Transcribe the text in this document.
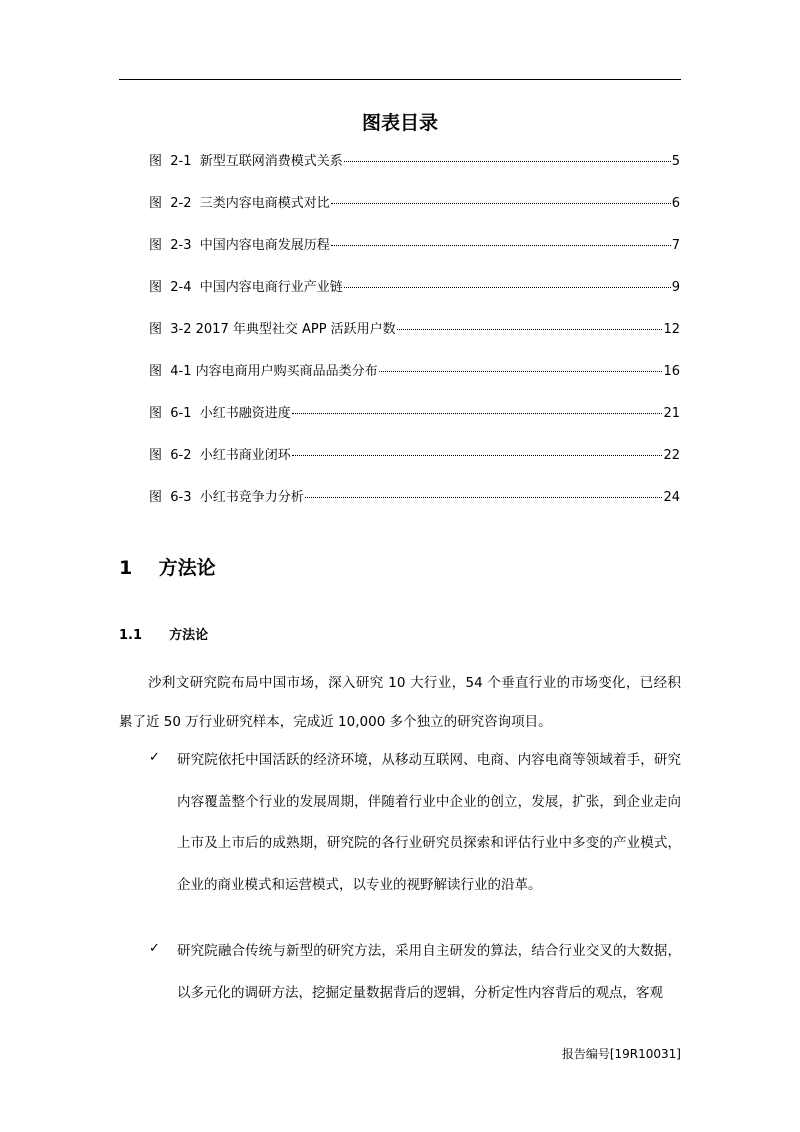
图表目录
图  2-1  新型互联网消费模式关系	5
图  2-2  三类内容电商模式对比	6
图  2-3  中国内容电商发展历程	7
图  2-4  中国内容电商行业产业链	9
图  3-2 2017 年典型社交 APP 活跃用户数	12
图  4-1 内容电商用户购买商品品类分布	16
图  6-1  小红书融资进度	21
图  6-2  小红书商业闭环	22
图  6-3  小红书竞争力分析	24
1    方法论
1.1      方法论

沙利文研究院布局中国市场，深入研究 10 大行业，54 个垂直行业的市场变化，已经积累了近 50 万行业研究样本，完成近 10,000 多个独立的研究咨询项目。

✓ 研究院依托中国活跃的经济环境，从移动互联网、电商、内容电商等领域着手，研究内容覆盖整个行业的发展周期，伴随着行业中企业的创立，发展，扩张，到企业走向上市及上市后的成熟期，研究院的各行业研究员探索和评估行业中多变的产业模式，企业的商业模式和运营模式，以专业的视野解读行业的沿革。

✓ 研究院融合传统与新型的研究方法，采用自主研发的算法，结合行业交叉的大数据，以多元化的调研方法，挖掘定量数据背后的逻辑，分析定性内容背后的观点，客观

报告编号[19R10031]
